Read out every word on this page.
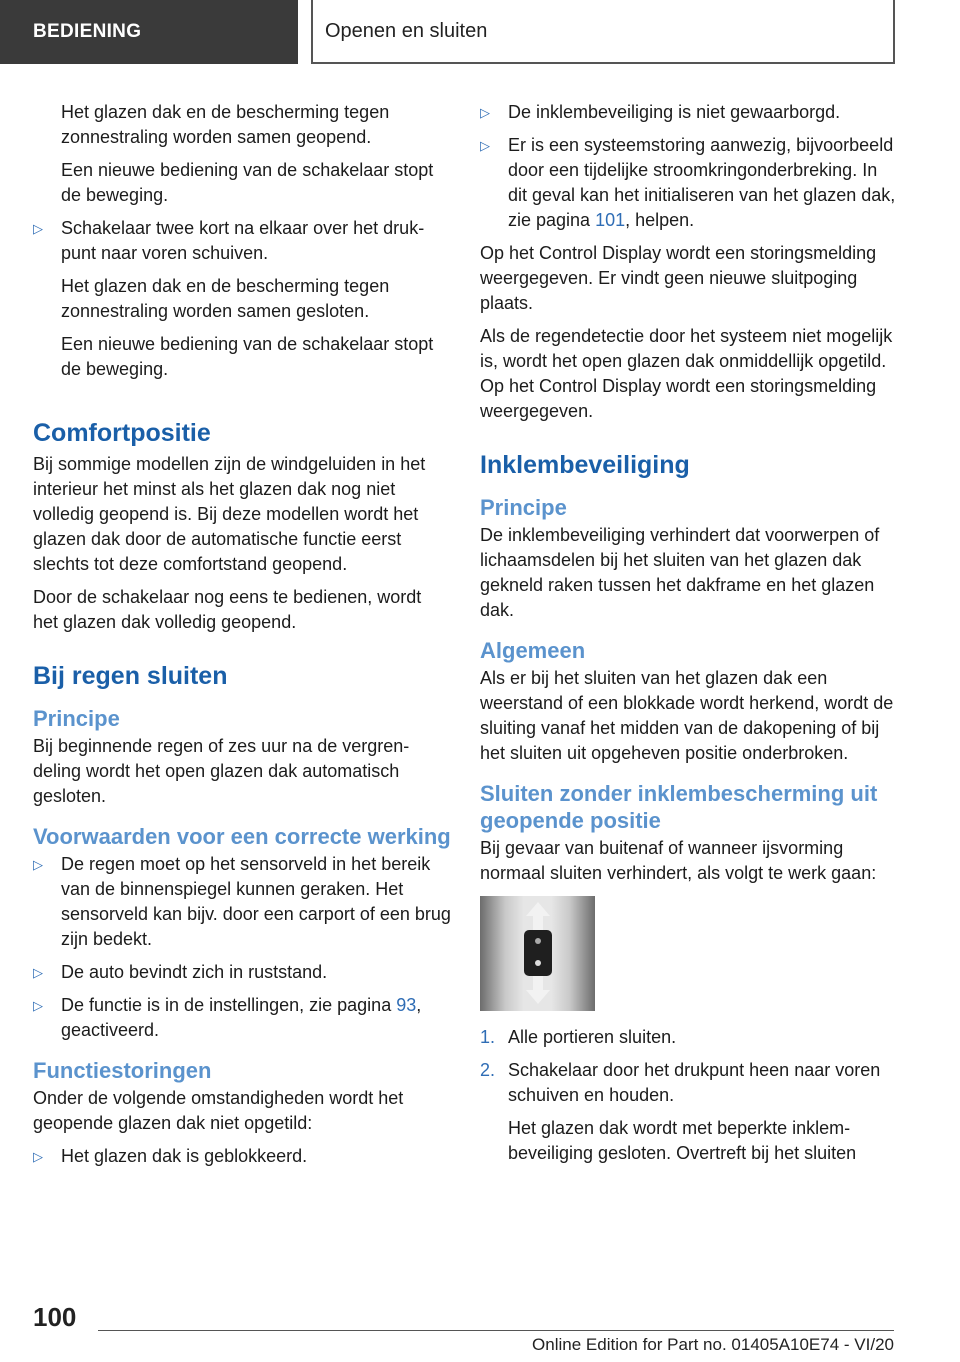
BEDIENING	Openen en sluiten

Het glazen dak en de bescherming tegen zonnestraling worden samen geopend.

Een nieuwe bediening van de schakelaar stopt de beweging.

▷ Schakelaar twee kort na elkaar over het drukpunt naar voren schuiven.

Het glazen dak en de bescherming tegen zonnestraling worden samen gesloten.

Een nieuwe bediening van de schakelaar stopt de beweging.

Comfortpositie

Bij sommige modellen zijn de windgeluiden in het interieur het minst als het glazen dak nog niet volledig geopend is. Bij deze modellen wordt het glazen dak door de automatische functie eerst slechts tot deze comfortstand geopend.

Door de schakelaar nog eens te bedienen, wordt het glazen dak volledig geopend.

Bij regen sluiten
Principe

Bij beginnende regen of zes uur na de vergrendeling wordt het open glazen dak automatisch gesloten.

Voorwaarden voor een correcte werking
▷ De regen moet op het sensorveld in het bereik van de binnenspiegel kunnen geraken. Het sensorveld kan bijv. door een carport of een brug zijn bedekt.
▷ De auto bevindt zich in ruststand.
▷ De functie is in de instellingen, zie pagina 93,
geactiveerd.
Functiestoringen

Onder de volgende omstandigheden wordt het geopende glazen dak niet opgetild:

▷ Het glazen dak is geblokkeerd.
▷ De inklembeveiliging is niet gewaarborgd.
▷ Er is een systeemstoring aanwezig, bijvoorbeeld door een tijdelijke stroomkringonderbreking. In dit geval kan het initialiseren van het glazen dak, zie pagina 101, helpen.

Op het Control Display wordt een storingsmelding weergegeven. Er vindt geen nieuwe sluitpoging plaats.

Als de regendetectie door het systeem niet mogelijk is, wordt het open glazen dak onmiddellijk opgetild. Op het Control Display wordt een storingsmelding weergegeven.

Inklembeveiliging
Principe

De inklembeveiliging verhindert dat voorwerpen of lichaamsdelen bij het sluiten van het glazen dak gekneld raken tussen het dakframe en het glazen dak.

Algemeen

Als er bij het sluiten van het glazen dak een weerstand of een blokkade wordt herkend, wordt de sluiting vanaf het midden van de dakopening of bij het sluiten uit opgeheven positie onderbroken.

Sluiten zonder inklembescherming uit geopende positie

Bij gevaar van buitenaf of wanneer ijsvorming normaal sluiten verhindert, als volgt te werk gaan:

1. Alle portieren sluiten.
2. Schakelaar door het drukpunt heen naar voren schuiven en houden.

Het glazen dak wordt met beperkte inklembeveiliging gesloten. Overtreft bij het sluiten

100
Online Edition for Part no. 01405A10E74 - VI/20
